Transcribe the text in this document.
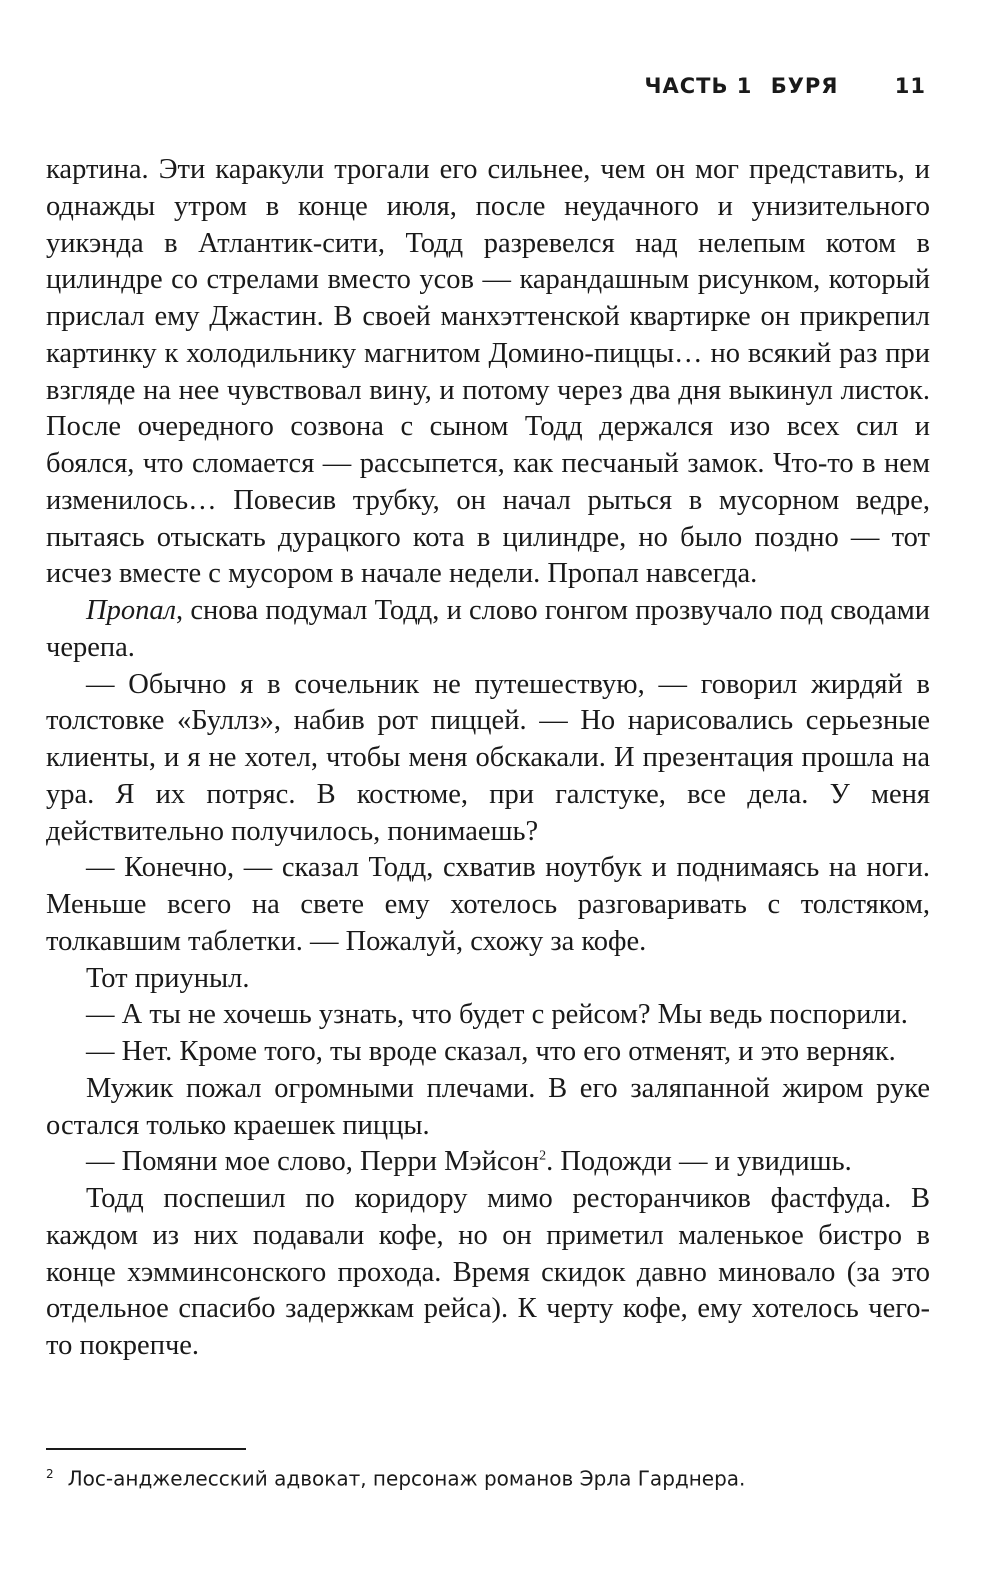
ЧАСТЬ 1 БУРЯ	11

картина. Эти каракули трогали его сильнее, чем он мог представить, и однажды утром в конце июля, после неудачного и унизительного уикэнда в Атлантик-сити, Тодд разревелся над нелепым котом в цилиндре со стрелами вместо усов — карандашным рисунком, который прислал ему Джастин. В своей манхэттенской квартирке он прикрепил картинку к холодильнику магнитом Домино-пиццы… но всякий раз при взгляде на нее чувствовал вину, и потому через два дня выкинул листок. После очередного созвона с сыном Тодд держался изо всех сил и боялся, что сломается — рассыпется, как песчаный замок. Что-то в нем изменилось… Повесив трубку, он начал рыться в мусорном ведре, пытаясь отыскать дурацкого кота в цилиндре, но было поздно — тот исчез вместе с мусором в начале недели. Пропал навсегда.

Пропал, снова подумал Тодд, и слово гонгом прозвучало под сводами черепа.

— Обычно я в сочельник не путешествую, — говорил жирдяй в толстовке «Буллз», набив рот пиццей. — Но нарисовались серьезные клиенты, и я не хотел, чтобы меня обскакали. И презентация прошла на ура. Я их потряс. В костюме, при галстуке, все дела. У меня действительно получилось, понимаешь?

— Конечно, — сказал Тодд, схватив ноутбук и поднимаясь на ноги. Меньше всего на свете ему хотелось разговаривать с толстяком, толкавшим таблетки. — Пожалуй, схожу за кофе.

Тот приуныл.

— А ты не хочешь узнать, что будет с рейсом? Мы ведь поспорили.

— Нет. Кроме того, ты вроде сказал, что его отменят, и это верняк.

Мужик пожал огромными плечами. В его заляпанной жиром руке остался только краешек пиццы.

— Помяни мое слово, Перри Мэйсон$^2$. Подожди — и увидишь.

Тодд поспешил по коридору мимо ресторанчиков фастфуда. В каждом из них подавали кофе, но он приметил маленькое бистро в конце хэмминсонского прохода. Время скидок давно миновало (за это отдельное спасибо задержкам рейса). К черту кофе, ему хотелось чего-то покрепче.

$^2$ Лос-анджелесский адвокат, персонаж романов Эрла Гарднера.
